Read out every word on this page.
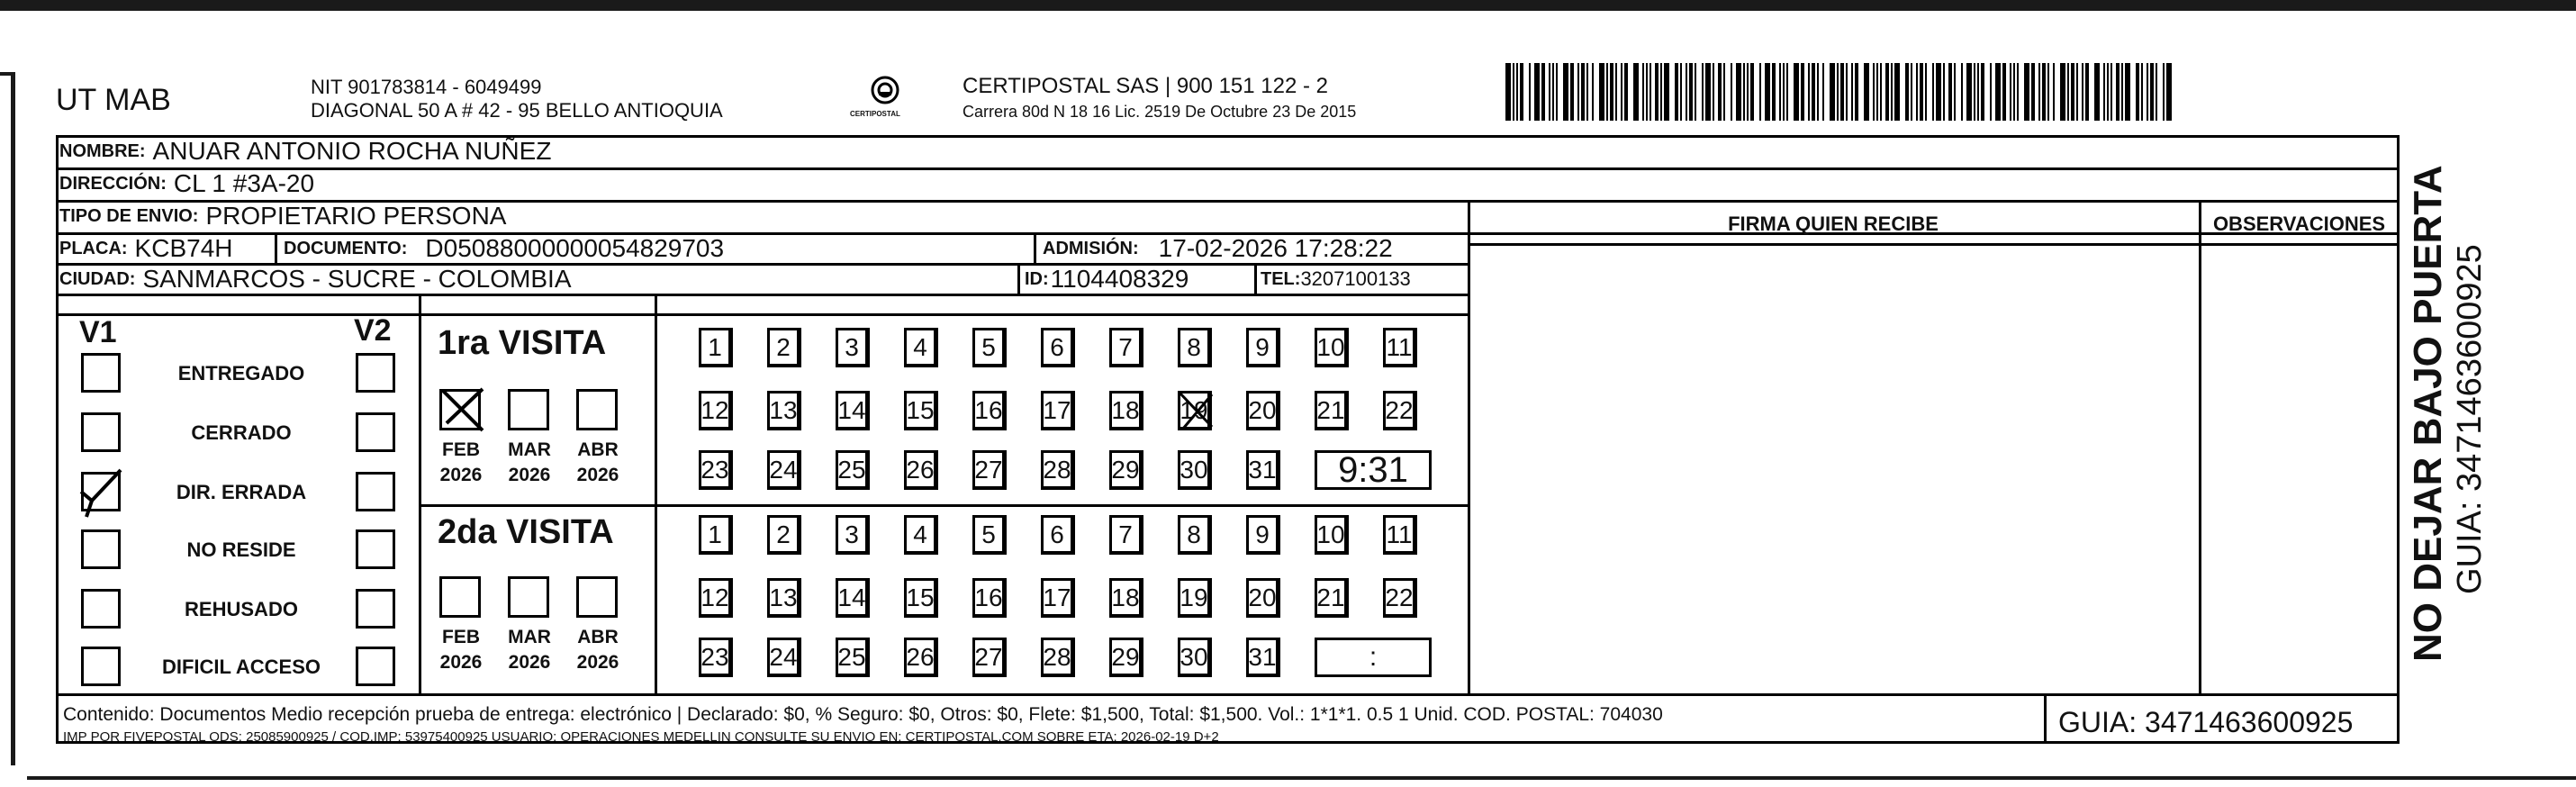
UT MAB	NIT 901783814 - 6049499
DIAGONAL 50 A # 42 - 95 BELLO ANTIOQUIA	CERTIPOSTAL
CERTIPOSTAL SAS | 900 151 122 - 2
Carrera 80d N 18 16 Lic. 2519 De Octubre 23 De 2015
NOMBRE: ANUAR ANTONIO ROCHA NUÑEZ
DIRECCIÓN: CL 1 #3A-20
TIPO DE ENVIO: PROPIETARIO PERSONA	FIRMA QUIEN RECIBE	OBSERVACIONES
PLACA: KCB74H	DOCUMENTO: D05088000000054829703	ADMISIÓN: 17-02-2026 17:28:22
CIUDAD: SANMARCOS - SUCRE - COLOMBIA	ID: 1104408329	TEL: 3207100133
V1	V2 1ra VISITA
FEB
2026
MAR
2026
ABR
2026
1	2	3	4	5	6	7	8	9	10 11
12 13 14 15 16 17 18 19 20 21 22
23 24 25 26 27 28 29 30 31	9:31
2da VISITA
FEB
2026
MAR
2026
ABR
2026
1	2	3	4	5	6	7	8	9	10 11
12 13 14 15 16 17 18 19 20 21 22
23 24 25 26 27 28 29 30 31	:
Contenido: Documentos Medio recepción prueba de entrega: electrónico | Declarado: $0, % Seguro: $0, Otros: $0, Flete: $1,500, Total: $1,500. Vol.: 1*1*1. 0.5 1 Unid. COD. POSTAL: 704030
IMP POR FIVEPOSTAL ODS: 25085900925 / COD.IMP: 53975400925 USUARIO: OPERACIONES MEDELLIN CONSULTE SU ENVIO EN: CERTIPOSTAL.COM SOBRE ETA: 2026-02-19 D+2	GUIA: 3471463600925
NO DEJAR BAJO PUERTA GUIA: 3471463600925
ENTREGADO
CERRADO
DIR. ERRADA
NO RESIDE
REHUSADO
DIFICIL ACCESO
